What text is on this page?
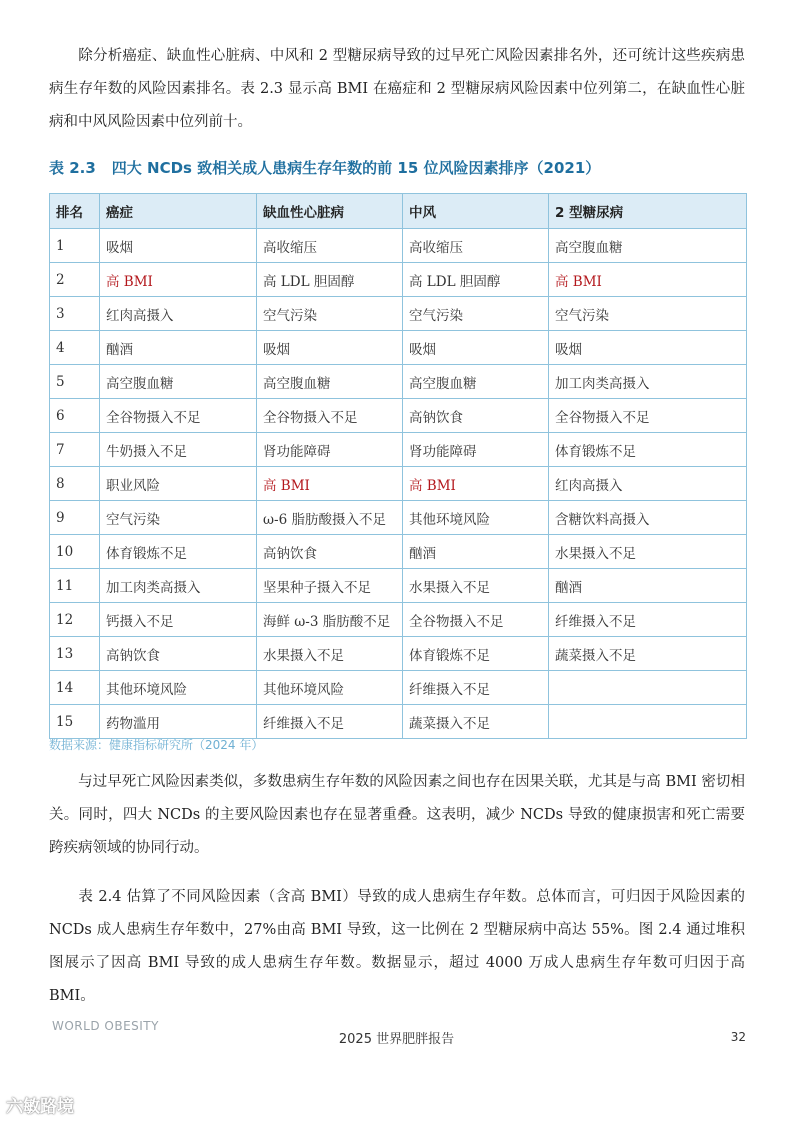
除分析癌症、缺血性心脏病、中风和 2 型糖尿病导致的过早死亡风险因素排名外，还可统计这些疾病患病生存年数的风险因素排名。表 2.3 显示高 BMI 在癌症和 2 型糖尿病风险因素中位列第二，在缺血性心脏病和中风风险因素中位列前十。

表 2.3 四大 NCDs 致相关成人患病生存年数的前 15 位风险因素排序（2021）
排名	癌症	缺血性心脏病	中风	2 型糖尿病
1	吸烟	高收缩压	高收缩压	高空腹血糖
2	高 BMI	高 LDL 胆固醇	高 LDL 胆固醇	高 BMI
3	红肉高摄入	空气污染	空气污染	空气污染
4	酗酒	吸烟	吸烟	吸烟
5	高空腹血糖	高空腹血糖	高空腹血糖	加工肉类高摄入
6	全谷物摄入不足	全谷物摄入不足	高钠饮食	全谷物摄入不足
7	牛奶摄入不足	肾功能障碍	肾功能障碍	体育锻炼不足
8	职业风险	高 BMI	高 BMI	红肉高摄入
9	空气污染	ω-6 脂肪酸摄入不足	其他环境风险	含糖饮料高摄入
10	体育锻炼不足	高钠饮食	酗酒	水果摄入不足
11	加工肉类高摄入	坚果种子摄入不足	水果摄入不足	酗酒
12	钙摄入不足	海鲜 ω-3 脂肪酸不足	全谷物摄入不足	纤维摄入不足
13	高钠饮食	水果摄入不足	体育锻炼不足	蔬菜摄入不足
14	其他环境风险	其他环境风险	纤维摄入不足	
15	药物滥用	纤维摄入不足	蔬菜摄入不足	
数据来源：健康指标研究所（2024 年）

与过早死亡风险因素类似，多数患病生存年数的风险因素之间也存在因果关联，尤其是与高 BMI 密切相关。同时，四大 NCDs 的主要风险因素也存在显著重叠。这表明，减少 NCDs 导致的健康损害和死亡需要跨疾病领域的协同行动。

表 2.4 估算了不同风险因素（含高 BMI）导致的成人患病生存年数。总体而言，可归因于风险因素的 NCDs 成人患病生存年数中，27%由高 BMI 导致，这一比例在 2 型糖尿病中高达 55%。图 2.4 通过堆积图展示了因高 BMI 导致的成人患病生存年数。数据显示，超过 4000 万成人患病生存年数可归因于高 BMI。

WORLD OBESITY
2025 世界肥胖报告	32
六敏路境
